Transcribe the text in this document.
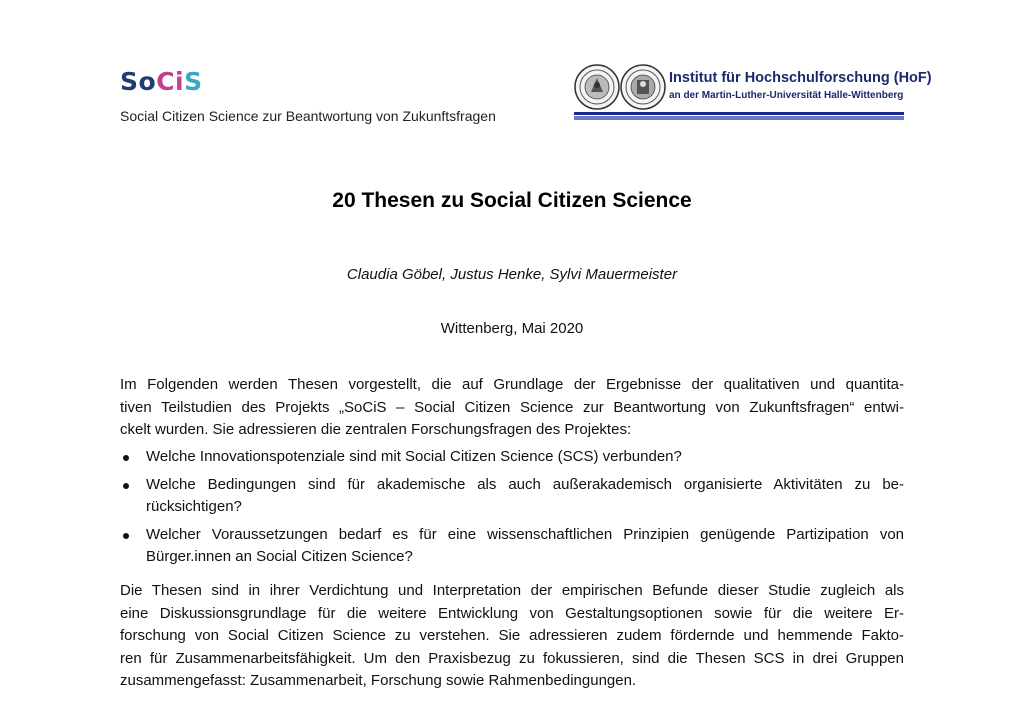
SoCiS
Social Citizen Science zur Beantwortung von Zukunftsfragen
Institut für Hochschulforschung (HoF)
an der Martin-Luther-Universität Halle-Wittenberg
20 Thesen zu Social Citizen Science
Claudia Göbel, Justus Henke, Sylvi Mauermeister
Wittenberg, Mai 2020
Im Folgenden werden Thesen vorgestellt, die auf Grundlage der Ergebnisse der qualitativen und quantita-
tiven Teilstudien des Projekts „SoCiS – Social Citizen Science zur Beantwortung von Zukunftsfragen“ entwi-
ckelt wurden. Sie adressieren die zentralen Forschungsfragen des Projektes:
Welche Innovationspotenziale sind mit Social Citizen Science (SCS) verbunden?
Welche Bedingungen sind für akademische als auch außerakademisch organisierte Aktivitäten zu be-
rücksichtigen?
Welcher Voraussetzungen bedarf es für eine wissenschaftlichen Prinzipien genügende Partizipation von
Bürger.innen an Social Citizen Science?
Die Thesen sind in ihrer Verdichtung und Interpretation der empirischen Befunde dieser Studie zugleich als
eine Diskussionsgrundlage für die weitere Entwicklung von Gestaltungsoptionen sowie für die weitere Er-
forschung von Social Citizen Science zu verstehen. Sie adressieren zudem fördernde und hemmende Fakto-
ren für Zusammenarbeitsfähigkeit. Um den Praxisbezug zu fokussieren, sind die Thesen SCS in drei Gruppen
zusammengefasst: Zusammenarbeit, Forschung sowie Rahmenbedingungen.
